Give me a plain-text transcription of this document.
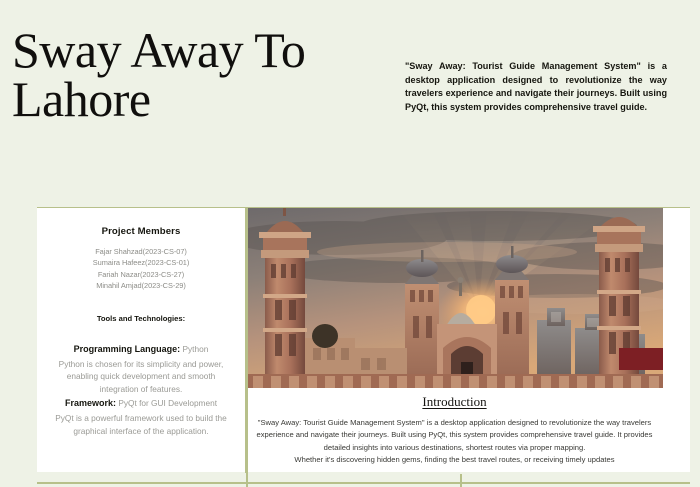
Sway Away To Lahore
"Sway Away: Tourist Guide Management System" is a desktop application designed to revolutionize the way travelers experience and navigate their journeys. Built using PyQt, this system provides comprehensive travel guide.
Project Members
Fajar Shahzad(2023-CS-07)
Sumaira Hafeez(2023-CS-01)
Fariah Nazar(2023-CS-27)
Minahil Amjad(2023-CS-29)
Tools and Technologies:

Programming Language: Python

Python is chosen for its simplicity and power, enabling quick development and smooth integration of features.

Framework: PyQt for GUI Development

PyQt is a powerful framework used to build the graphical interface of the application.

Introduction

"Sway Away: Tourist Guide Management System" is a desktop application designed to revolutionize the way travelers experience and navigate their journeys. Built using PyQt, this system provides comprehensive travel guide. It provides detailed insights into various destinations, shortest routes via proper mapping.

Whether it's discovering hidden gems, finding the best travel routes, or receiving timely updates
